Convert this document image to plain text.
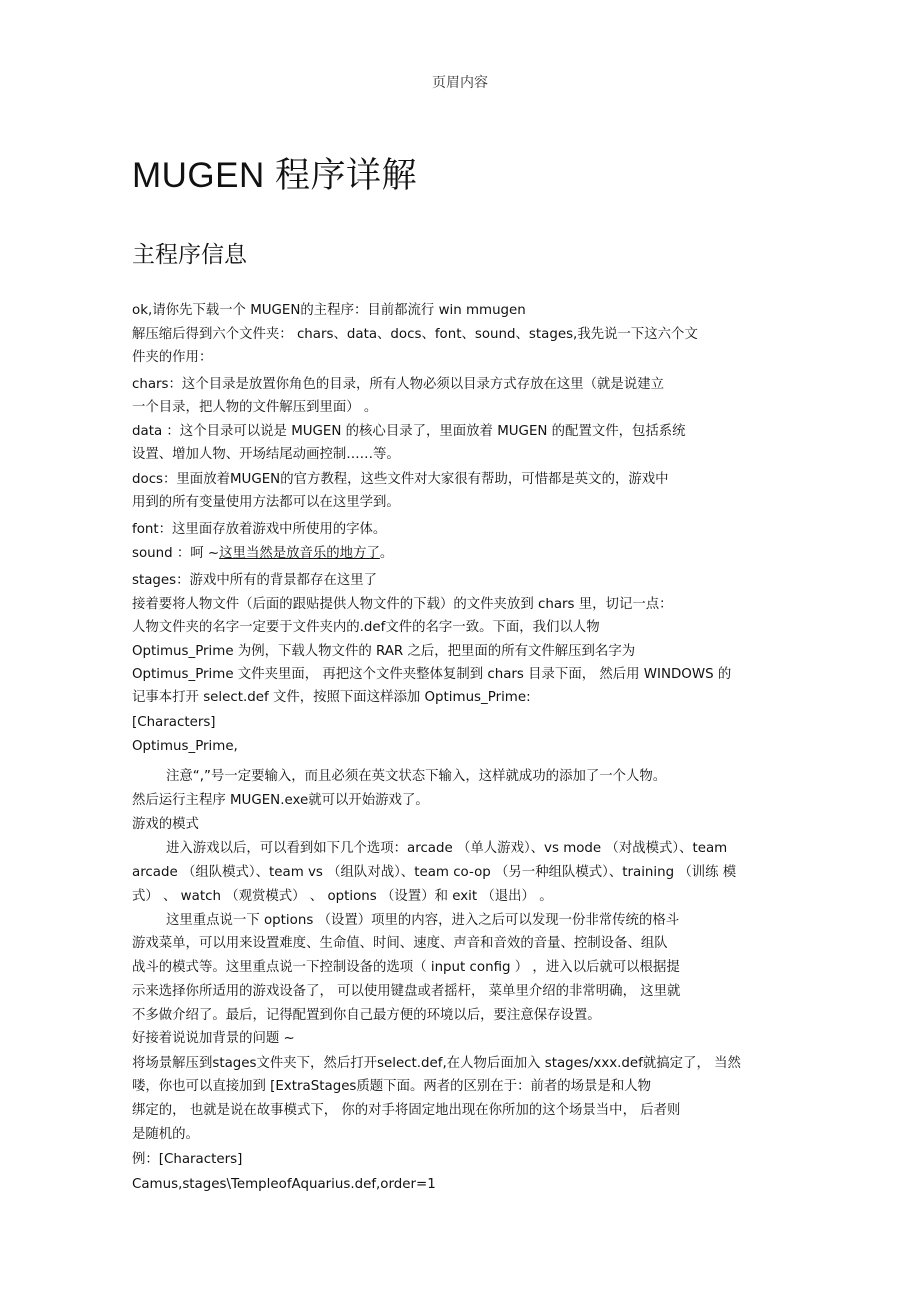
页眉内容
MUGEN 程序详解
主程序信息
ok,请你先下载一个 MUGEN的主程序：目前都流行 win mmugen
解压缩后得到六个文件夹： chars、data、docs、font、sound、stages,我先说一下这六个文
件夹的作用：
chars：这个目录是放置你角色的目录，所有人物必须以目录方式存放在这里（就是说建立
一个目录，把人物的文件解压到里面） 。
data ：这个目录可以说是 MUGEN 的核心目录了，里面放着 MUGEN 的配置文件，包括系统
设置、增加人物、开场结尾动画控制……等。
docs：里面放着MUGEN的官方教程，这些文件对大家很有帮助，可惜都是英文的，游戏中
用到的所有变量使用方法都可以在这里学到。
font：这里面存放着游戏中所使用的字体。
sound ：呵 ~这里当然是放音乐的地方了。
stages：游戏中所有的背景都存在这里了
接着要将人物文件（后面的跟贴提供人物文件的下载）的文件夹放到 chars 里，切记一点：
人物文件夹的名字一定要于文件夹内的.def文件的名字一致。下面，我们以人物
Optimus_Prime 为例，下载人物文件的 RAR 之后，把里面的所有文件解压到名字为
Optimus_Prime 文件夹里面， 再把这个文件夹整体复制到 chars 目录下面， 然后用 WINDOWS 的
记事本打开 select.def 文件，按照下面这样添加 Optimus_Prime:
[Characters]
Optimus_Prime,
注意“,”号一定要输入，而且必须在英文状态下输入，这样就成功的添加了一个人物。
然后运行主程序 MUGEN.exe就可以开始游戏了。
游戏的模式
进入游戏以后，可以看到如下几个选项：arcade （单人游戏）、vs mode （对战模式）、team
arcade （组队模式）、team vs （组队对战）、team co-op （另一种组队模式）、training （训练 模
式） 、 watch （观赏模式） 、 options （设置）和 exit （退出） 。
这里重点说一下 options （设置）项里的内容，进入之后可以发现一份非常传统的格斗
游戏菜单，可以用来设置难度、生命值、时间、速度、声音和音效的音量、控制设备、组队
战斗的模式等。这里重点说一下控制设备的选项（ input config ） ，进入以后就可以根据提
示来选择你所适用的游戏设备了， 可以使用键盘或者摇杆， 菜单里介绍的非常明确， 这里就
不多做介绍了。最后，记得配置到你自己最方便的环境以后，要注意保存设置。
好接着说说加背景的问题 ~
将场景解压到stages文件夹下，然后打开select.def,在人物后面加入 stages/xxx.def就搞定了， 当然
喽，你也可以直接加到 [ExtraStages质题下面。两者的区别在于：前者的场景是和人物
绑定的， 也就是说在故事模式下， 你的对手将固定地出现在你所加的这个场景当中， 后者则
是随机的。
例：[Characters]
Camus,stages\TempleofAquarius.def,order=1
